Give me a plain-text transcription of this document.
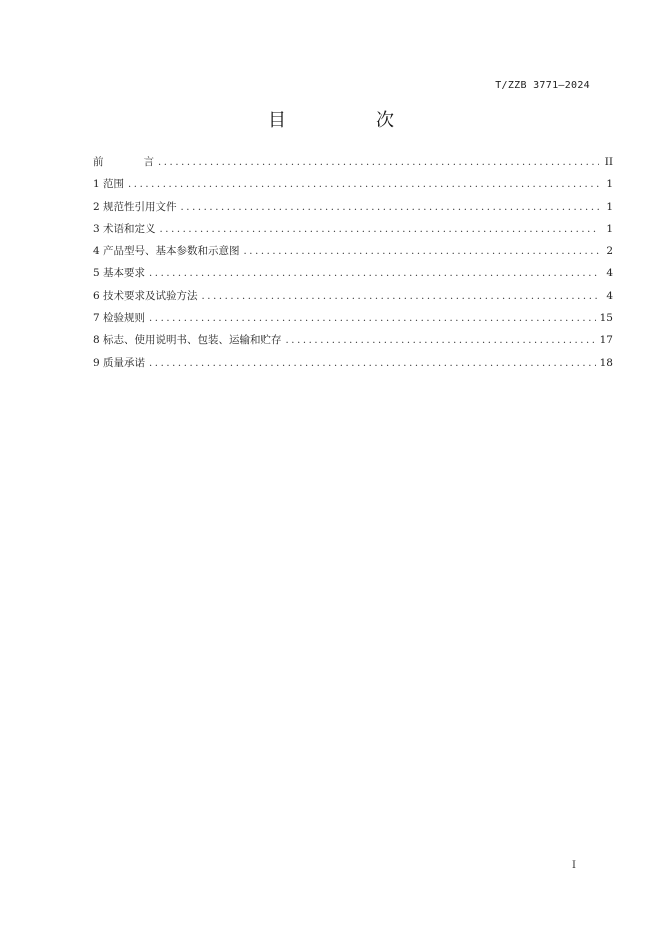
T/ZZB 3771—2024
目　次
前	言 .....	II
1 范围 .....	1
2 规范性引用文件 .....	1
3 术语和定义 .....	1
4 产品型号、基本参数和示意图 .....	2
5 基本要求 .....	4
6 技术要求及试验方法 .....	4
7 检验规则 .....	15
8 标志、使用说明书、包装、运输和贮存 .....	17
9 质量承诺 .....	18
I
